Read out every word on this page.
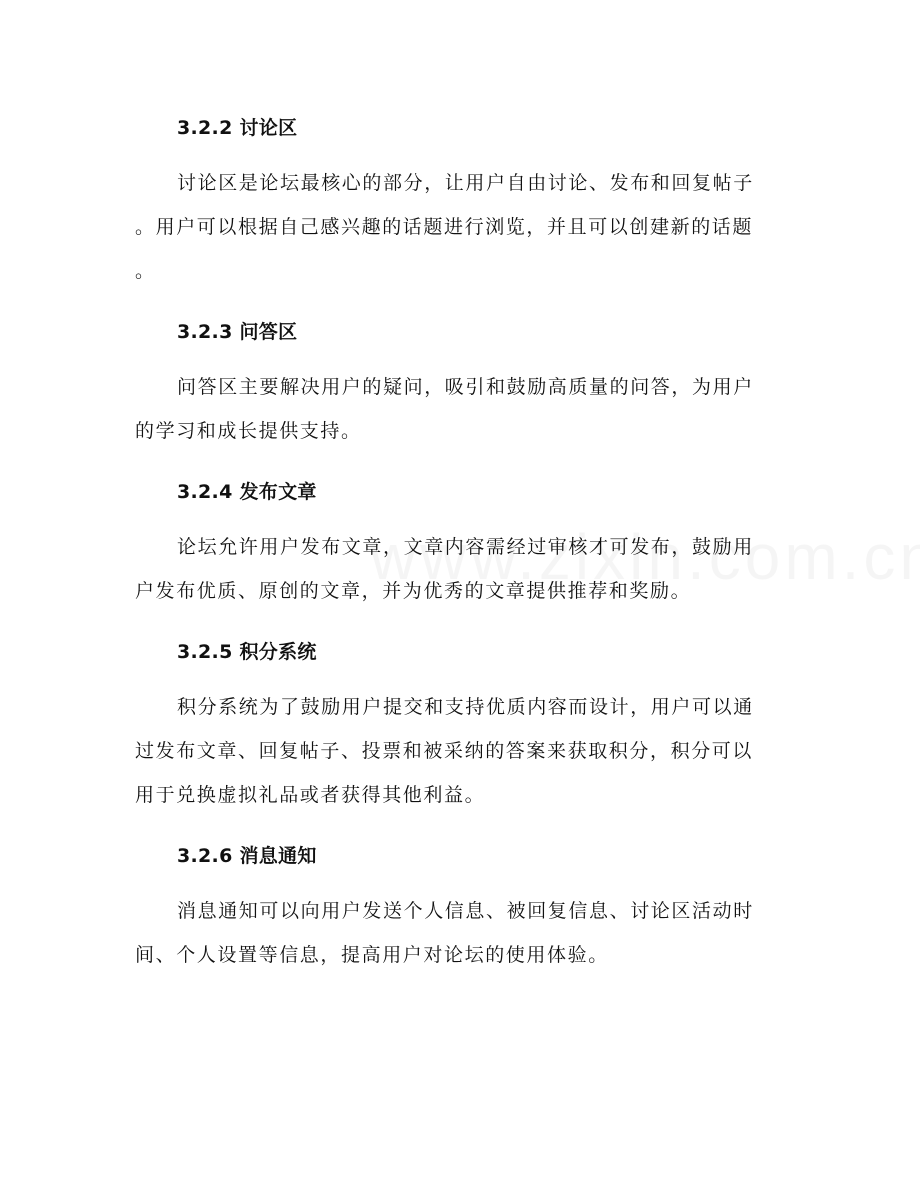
3.2.2 讨论区

讨论区是论坛最核心的部分，让用户自由讨论、发布和回复帖子
。用户可以根据自己感兴趣的话题进行浏览，并且可以创建新的话题
。

3.2.3 问答区

问答区主要解决用户的疑问，吸引和鼓励高质量的问答，为用户
的学习和成长提供支持。

3.2.4 发布文章

论坛允许用户发布文章，文章内容需经过审核才可发布，鼓励用
户发布优质、原创的文章，并为优秀的文章提供推荐和奖励。

3.2.5 积分系统

积分系统为了鼓励用户提交和支持优质内容而设计，用户可以通
过发布文章、回复帖子、投票和被采纳的答案来获取积分，积分可以
用于兑换虚拟礼品或者获得其他利益。

3.2.6 消息通知

消息通知可以向用户发送个人信息、被回复信息、讨论区活动时
间、个人设置等信息，提高用户对论坛的使用体验。
